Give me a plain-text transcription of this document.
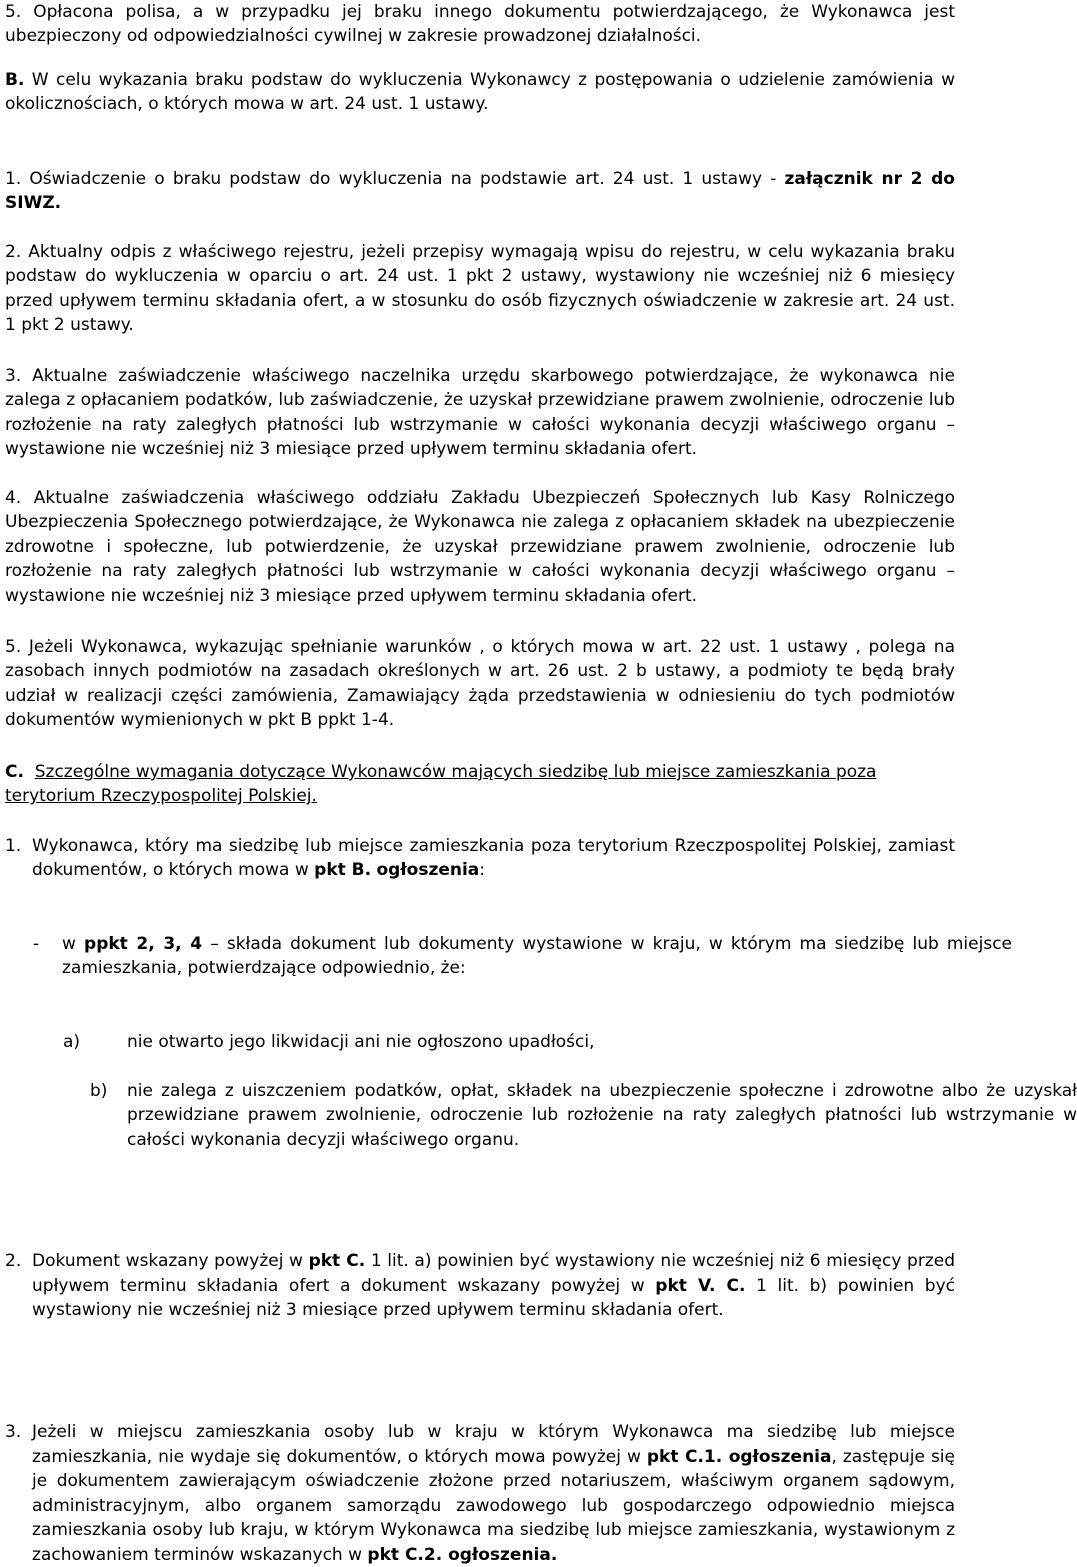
5. Opłacona polisa, a w przypadku jej braku innego dokumentu potwierdzającego, że Wykonawca jest ubezpieczony od odpowiedzialności cywilnej w zakresie prowadzonej działalności.

B. W celu wykazania braku podstaw do wykluczenia Wykonawcy z postępowania o udzielenie zamówienia w okolicznościach, o których mowa w art. 24 ust. 1 ustawy.

1. Oświadczenie o braku podstaw do wykluczenia na podstawie art. 24 ust. 1 ustawy - załącznik nr 2 do SIWZ.

2. Aktualny odpis z właściwego rejestru, jeżeli przepisy wymagają wpisu do rejestru, w celu wykazania braku podstaw do wykluczenia w oparciu o art. 24 ust. 1 pkt 2 ustawy, wystawiony nie wcześniej niż 6 miesięcy przed upływem terminu składania ofert, a w stosunku do osób fizycznych oświadczenie w zakresie art. 24 ust. 1 pkt 2 ustawy.

3. Aktualne zaświadczenie właściwego naczelnika urzędu skarbowego potwierdzające, że wykonawca nie zalega z opłacaniem podatków, lub zaświadczenie, że uzyskał przewidziane prawem zwolnienie, odroczenie lub rozłożenie na raty zaległych płatności lub wstrzymanie w całości wykonania decyzji właściwego organu – wystawione nie wcześniej niż 3 miesiące przed upływem terminu składania ofert.

4. Aktualne zaświadczenia właściwego oddziału Zakładu Ubezpieczeń Społecznych lub Kasy Rolniczego Ubezpieczenia Społecznego potwierdzające, że Wykonawca nie zalega z opłacaniem składek na ubezpieczenie zdrowotne i społeczne, lub potwierdzenie, że uzyskał przewidziane prawem zwolnienie, odroczenie lub rozłożenie na raty zaległych płatności lub wstrzymanie w całości wykonania decyzji właściwego organu – wystawione nie wcześniej niż 3 miesiące przed upływem terminu składania ofert.

5. Jeżeli Wykonawca, wykazując spełnianie warunków , o których mowa w art. 22 ust. 1 ustawy , polega na zasobach innych podmiotów na zasadach określonych w art. 26 ust. 2 b ustawy, a podmioty te będą brały udział w realizacji części zamówienia, Zamawiający żąda przedstawienia w odniesieniu do tych podmiotów dokumentów wymienionych w pkt B ppkt 1-4.

C. Szczególne wymagania dotyczące Wykonawców mających siedzibę lub miejsce zamieszkania poza terytorium Rzeczypospolitej Polskiej.

1. Wykonawca, który ma siedzibę lub miejsce zamieszkania poza terytorium Rzeczpospolitej Polskiej, zamiast dokumentów, o których mowa w pkt B. ogłoszenia:
- w ppkt 2, 3, 4 – składa dokument lub dokumenty wystawione w kraju, w którym ma siedzibę lub miejsce zamieszkania, potwierdzające odpowiednio, że:
a)	nie otwarto jego likwidacji ani nie ogłoszono upadłości,
b) nie zalega z uiszczeniem podatków, opłat, składek na ubezpieczenie społeczne i zdrowotne albo że uzyskał przewidziane prawem zwolnienie, odroczenie lub rozłożenie na raty zaległych płatności lub wstrzymanie w całości wykonania decyzji właściwego organu.
2. Dokument wskazany powyżej w pkt C. 1 lit. a) powinien być wystawiony nie wcześniej niż 6 miesięcy przed upływem terminu składania ofert a dokument wskazany powyżej w pkt V. C. 1 lit. b) powinien być wystawiony nie wcześniej niż 3 miesiące przed upływem terminu składania ofert.
3. Jeżeli w miejscu zamieszkania osoby lub w kraju w którym Wykonawca ma siedzibę lub miejsce zamieszkania, nie wydaje się dokumentów, o których mowa powyżej w pkt C.1. ogłoszenia, zastępuje się je dokumentem zawierającym oświadczenie złożone przed notariuszem, właściwym organem sądowym, administracyjnym, albo organem samorządu zawodowego lub gospodarczego odpowiednio miejsca zamieszkania osoby lub kraju, w którym Wykonawca ma siedzibę lub miejsce zamieszkania, wystawionym z zachowaniem terminów wskazanych w pkt C.2. ogłoszenia.
